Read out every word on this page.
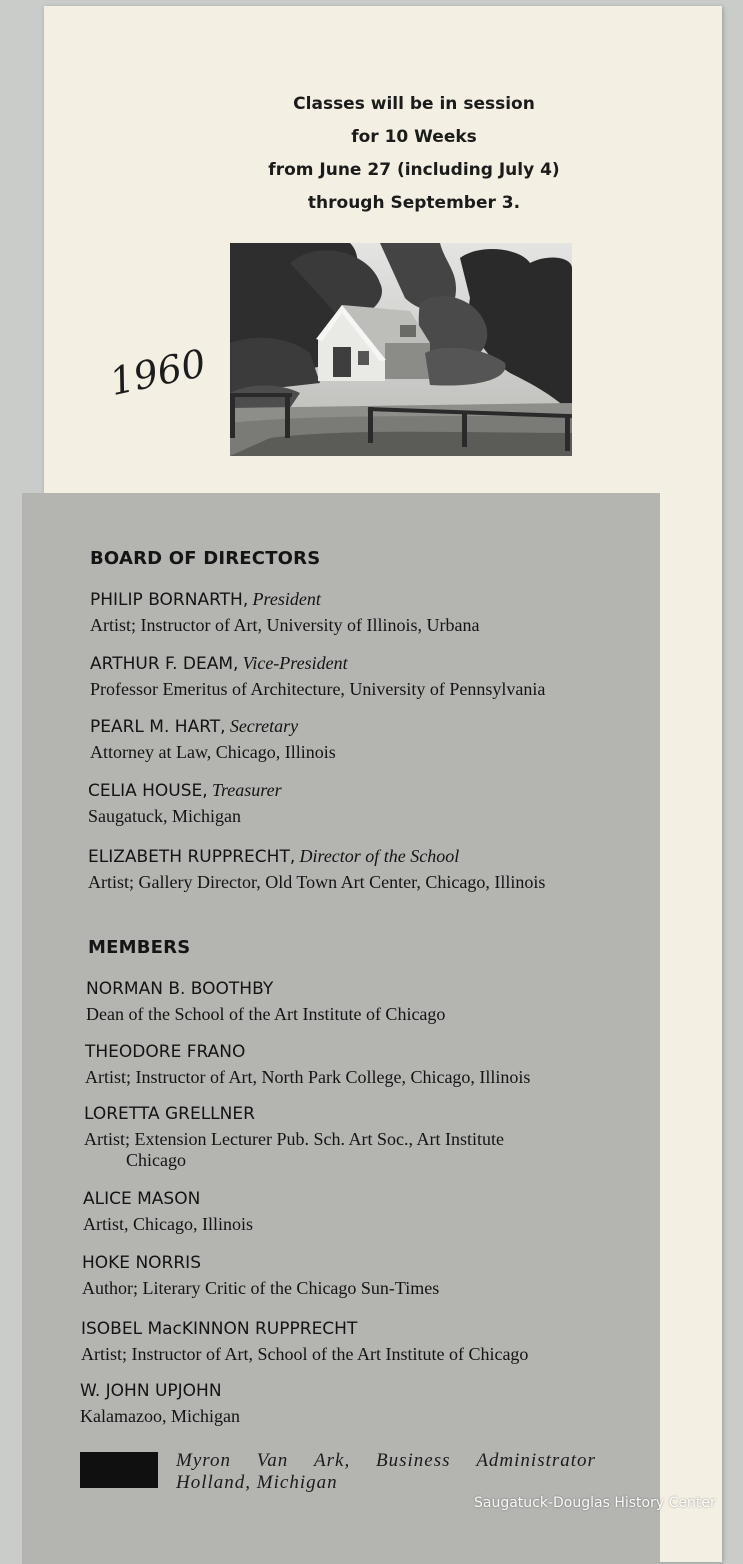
Classes will be in session
for 10 Weeks
from June 27 (including July 4)
through September 3.
1960
BOARD OF DIRECTORS
PHILIP BORNARTH, President
Artist; Instructor of Art, University of Illinois, Urbana
ARTHUR F. DEAM, Vice-President
Professor Emeritus of Architecture, University of Pennsylvania
PEARL M. HART, Secretary
Attorney at Law, Chicago, Illinois
CELIA HOUSE, Treasurer
Saugatuck, Michigan
ELIZABETH RUPPRECHT, Director of the School
Artist; Gallery Director, Old Town Art Center, Chicago, Illinois
MEMBERS
NORMAN B. BOOTHBY
Dean of the School of the Art Institute of Chicago
THEODORE FRANO
Artist; Instructor of Art, North Park College, Chicago, Illinois
LORETTA GRELLNER
Artist; Extension Lecturer Pub. Sch. Art Soc., Art Institute
Chicago
ALICE MASON
Artist, Chicago, Illinois
HOKE NORRIS
Author; Literary Critic of the Chicago Sun-Times
ISOBEL MacKINNON RUPPRECHT
Artist; Instructor of Art, School of the Art Institute of Chicago
W. JOHN UPJOHN
Kalamazoo, Michigan
Myron Van Ark, Business Administrator
Holland, Michigan
Saugatuck-Douglas History Center
